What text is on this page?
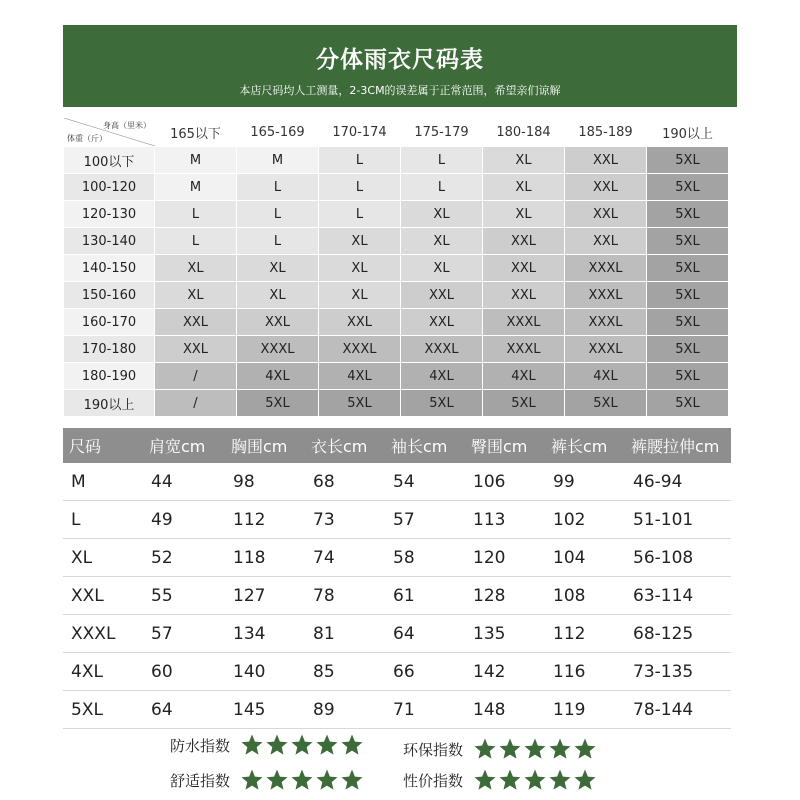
分体雨衣尺码表
本店尺码均人工测量，2-3CM的误差属于正常范围，希望亲们谅解
身高（里米）
体重（斤）	165以下	165-169	170-174	175-179	180-184	185-189	190以上
100以下	M	M	L	L	XL	XXL	5XL
100-120	M	L	L	L	XL	XXL	5XL
120-130	L	L	L	XL	XL	XXL	5XL
130-140	L	L	XL	XL	XXL	XXL	5XL
140-150	XL	XL	XL	XL	XXL	XXXL	5XL
150-160	XL	XL	XL	XXL	XXL	XXXL	5XL
160-170	XXL	XXL	XXL	XXL	XXXL	XXXL	5XL
170-180	XXL	XXXL	XXXL	XXXL	XXXL	XXXL	5XL
180-190	/	4XL	4XL	4XL	4XL	4XL	5XL
190以上	/	5XL	5XL	5XL	5XL	5XL	5XL
尺码	肩宽cm	胸围cm	衣长cm	袖长cm	臀围cm	裤长cm	裤腰拉伸cm
M	44	98	68	54	106	99	46-94
L	49	112	73	57	113	102	51-101
XL	52	118	74	58	120	104	56-108
XXL	55	127	78	61	128	108	63-114
XXXL	57	134	81	64	135	112	68-125
4XL	60	140	85	66	142	116	73-135
5XL	64	145	89	71	148	119	78-144
防水指数	环保指数
舒适指数	性价指数
